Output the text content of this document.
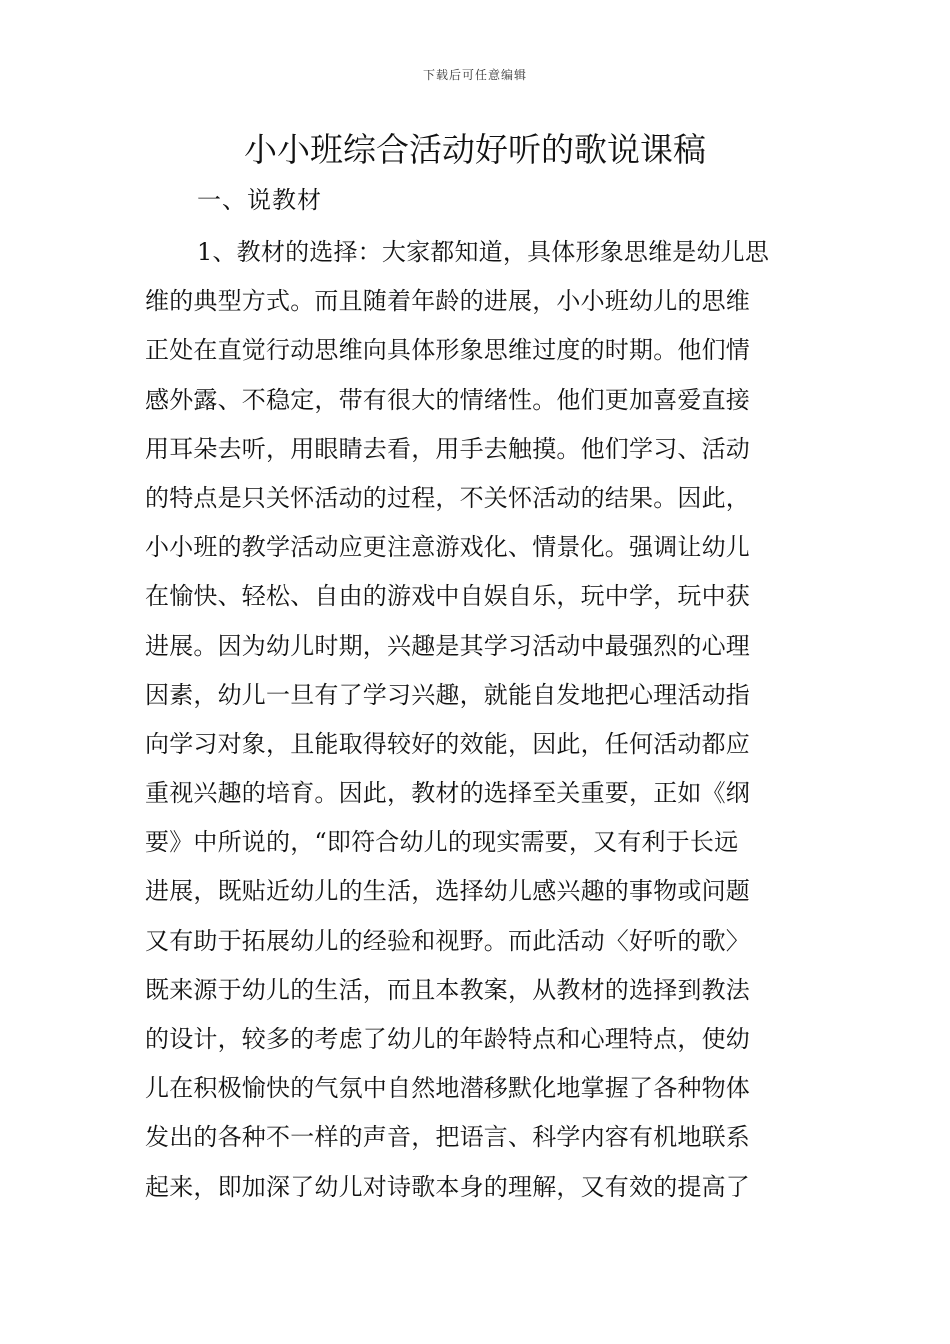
下载后可任意编辑
小小班综合活动好听的歌说课稿
一、说教材
1、教材的选择：大家都知道，具体形象思维是幼儿思
维的典型方式。而且随着年龄的进展，小小班幼儿的思维
正处在直觉行动思维向具体形象思维过度的时期。他们情
感外露、不稳定，带有很大的情绪性。他们更加喜爱直接
用耳朵去听，用眼睛去看，用手去触摸。他们学习、活动
的特点是只关怀活动的过程，不关怀活动的结果。因此，
小小班的教学活动应更注意游戏化、情景化。强调让幼儿
在愉快、轻松、自由的游戏中自娱自乐，玩中学，玩中获
进展。因为幼儿时期，兴趣是其学习活动中最强烈的心理
因素，幼儿一旦有了学习兴趣，就能自发地把心理活动指
向学习对象，且能取得较好的效能，因此，任何活动都应
重视兴趣的培育。因此，教材的选择至关重要，正如《纲
要》中所说的，“即符合幼儿的现实需要，又有利于长远
进展，既贴近幼儿的生活，选择幼儿感兴趣的事物或问题
又有助于拓展幼儿的经验和视野。而此活动〈好听的歌〉
既来源于幼儿的生活，而且本教案，从教材的选择到教法
的设计，较多的考虑了幼儿的年龄特点和心理特点，使幼
儿在积极愉快的气氛中自然地潜移默化地掌握了各种物体
发出的各种不一样的声音，把语言、科学内容有机地联系
起来，即加深了幼儿对诗歌本身的理解，又有效的提高了
